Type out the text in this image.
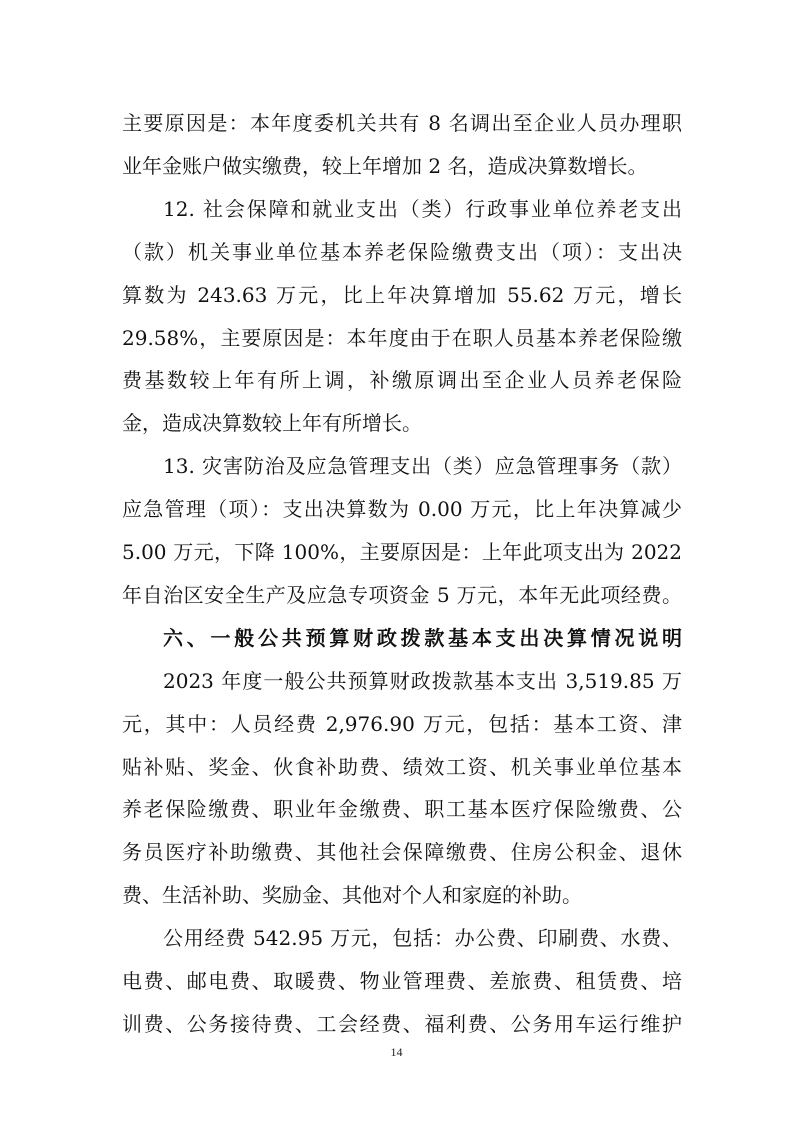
主要原因是：本年度委机关共有 8 名调出至企业人员办理职
业年金账户做实缴费，较上年增加 2 名，造成决算数增长。
12. 社会保障和就业支出（类）行政事业单位养老支出
（款）机关事业单位基本养老保险缴费支出（项）：支出决
算数为 243.63 万元，比上年决算增加 55.62 万元，增长
29.58%，主要原因是：本年度由于在职人员基本养老保险缴
费基数较上年有所上调，补缴原调出至企业人员养老保险
金，造成决算数较上年有所增长。
13. 灾害防治及应急管理支出（类）应急管理事务（款）
应急管理（项）：支出决算数为 0.00 万元，比上年决算减少
5.00 万元，下降 100%，主要原因是：上年此项支出为 2022
年自治区安全生产及应急专项资金 5 万元，本年无此项经费。
六、一般公共预算财政拨款基本支出决算情况说明
2023 年度一般公共预算财政拨款基本支出 3,519.85 万
元，其中：人员经费 2,976.90 万元，包括：基本工资、津
贴补贴、奖金、伙食补助费、绩效工资、机关事业单位基本
养老保险缴费、职业年金缴费、职工基本医疗保险缴费、公
务员医疗补助缴费、其他社会保障缴费、住房公积金、退休
费、生活补助、奖励金、其他对个人和家庭的补助。
公用经费 542.95 万元，包括：办公费、印刷费、水费、
电费、邮电费、取暖费、物业管理费、差旅费、租赁费、培
训费、公务接待费、工会经费、福利费、公务用车运行维护
14
